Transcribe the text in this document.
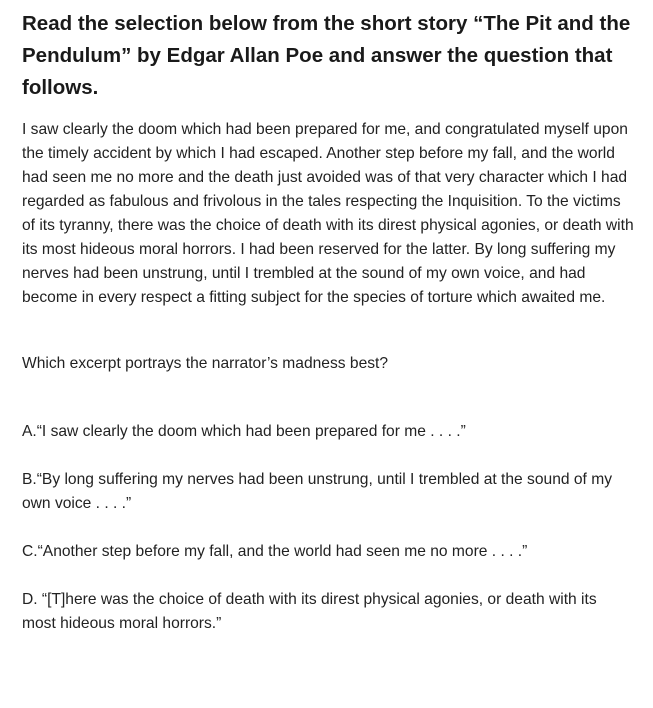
Read the selection below from the short story “The Pit and the Pendulum” by Edgar Allan Poe and answer the question that follows.

I saw clearly the doom which had been prepared for me, and congratulated myself upon the timely accident by which I had escaped. Another step before my fall, and the world had seen me no more and the death just avoided was of that very character which I had regarded as fabulous and frivolous in the tales respecting the Inquisition. To the victims of its tyranny, there was the choice of death with its direst physical agonies, or death with its most hideous moral horrors. I had been reserved for the latter. By long suffering my nerves had been unstrung, until I trembled at the sound of my own voice, and had become in every respect a fitting subject for the species of torture which awaited me.

Which excerpt portrays the narrator’s madness best?

A.“I saw clearly the doom which had been prepared for me . . . .”
B.“By long suffering my nerves had been unstrung, until I trembled at the sound of my own voice . . . .”
C.“Another step before my fall, and the world had seen me no more . . . .”
D. “[T]here was the choice of death with its direst physical agonies, or death with its most hideous moral horrors.”
